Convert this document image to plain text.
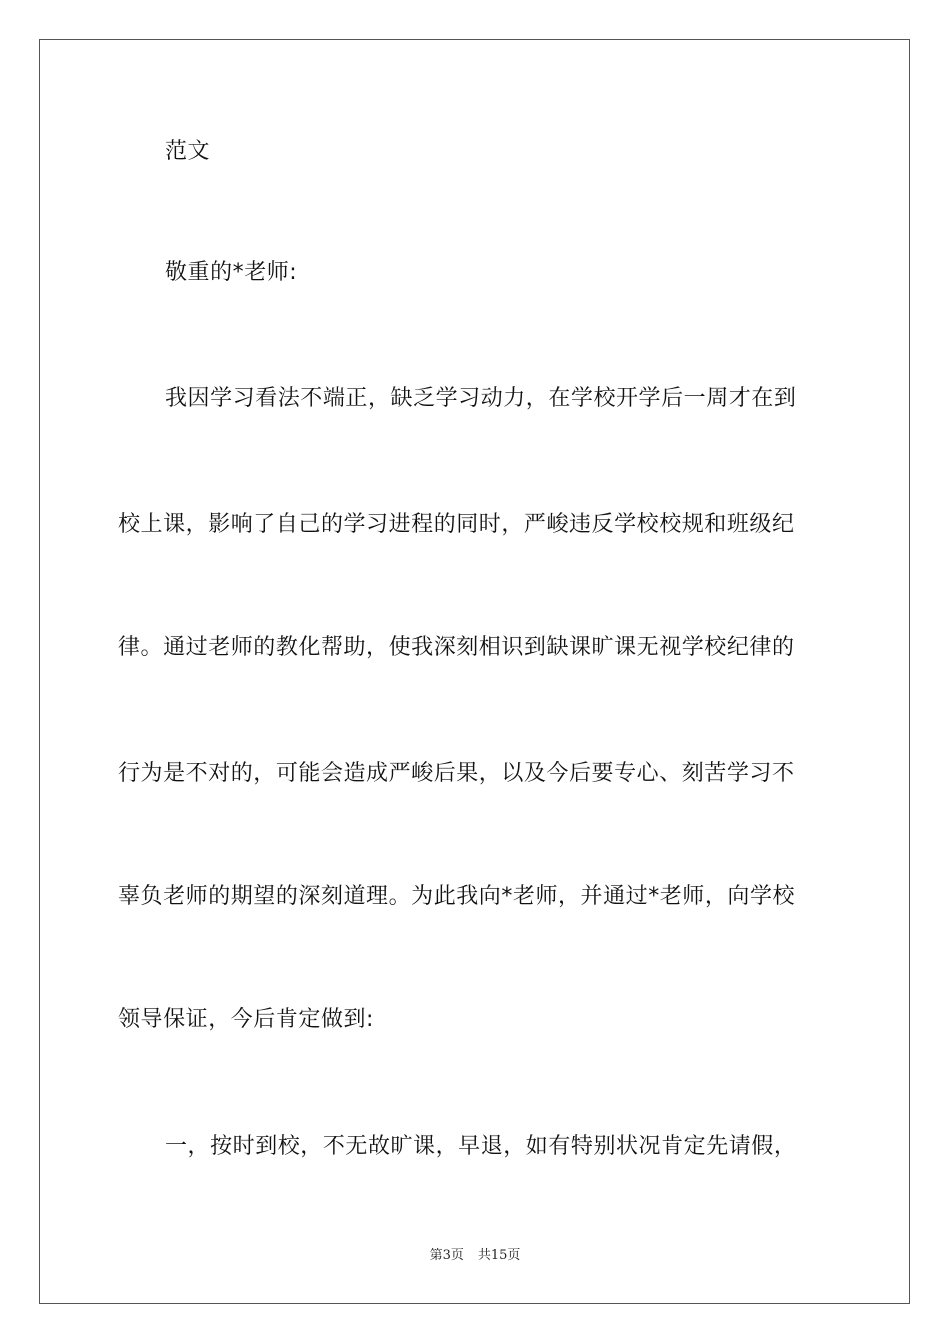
范文
敬重的*老师:
我因学习看法不端正，缺乏学习动力，在学校开学后一周才在到
校上课，影响了自己的学习进程的同时，严峻违反学校校规和班级纪
律。通过老师的教化帮助，使我深刻相识到缺课旷课无视学校纪律的
行为是不对的，可能会造成严峻后果，以及今后要专心、刻苦学习不
辜负老师的期望的深刻道理。为此我向*老师，并通过*老师，向学校
领导保证，今后肯定做到:
一，按时到校，不无故旷课，早退，如有特别状况肯定先请假，
第3页 共15页
